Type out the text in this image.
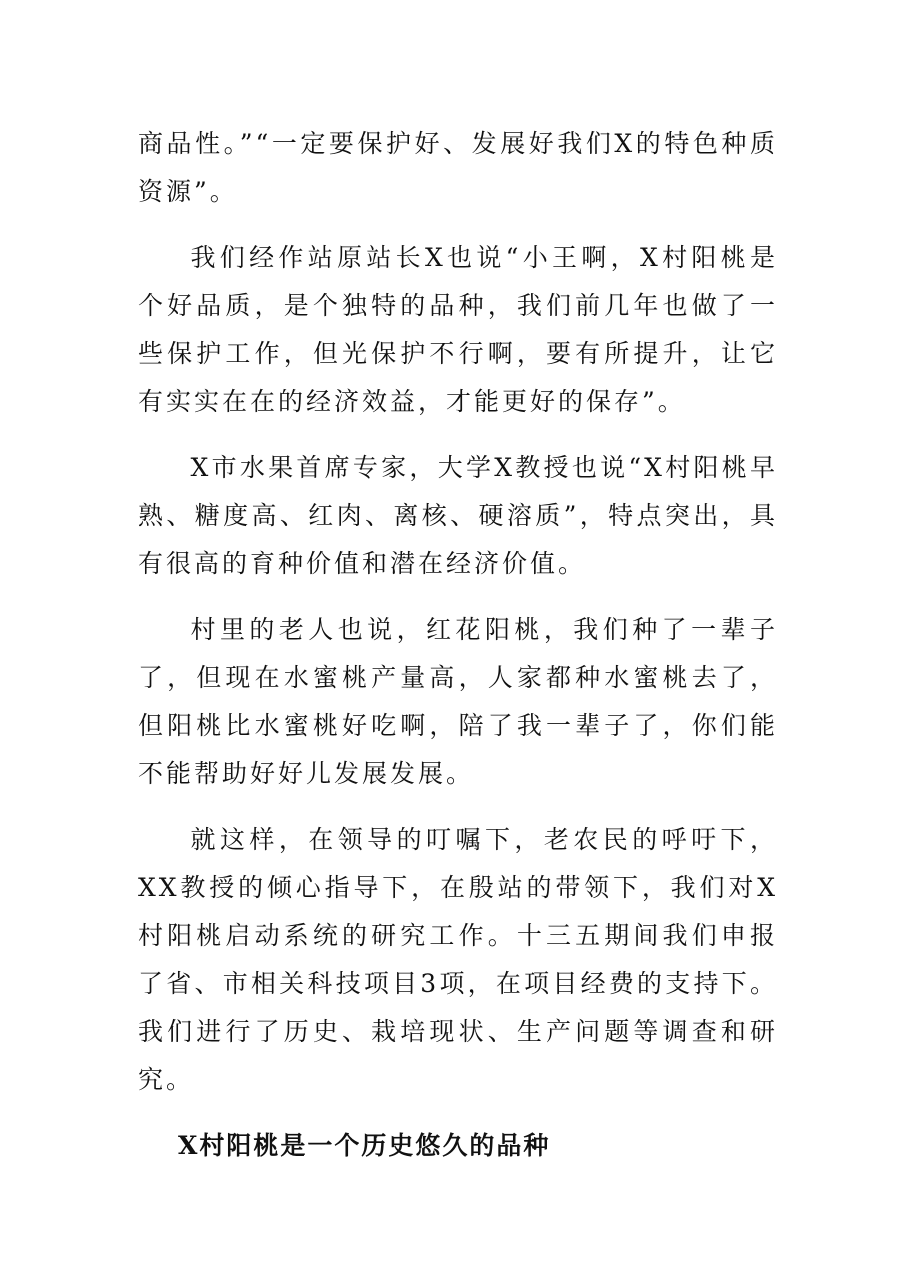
商品性。”“一定要保护好、发展好我们X的特色种质资源”。

我们经作站原站长X也说“小王啊，X村阳桃是个好品质，是个独特的品种，我们前几年也做了一些保护工作，但光保护不行啊，要有所提升，让它有实实在在的经济效益，才能更好的保存”。

X市水果首席专家，大学X教授也说“X村阳桃早熟、糖度高、红肉、离核、硬溶质”，特点突出，具有很高的育种价值和潜在经济价值。

村里的老人也说，红花阳桃，我们种了一辈子了，但现在水蜜桃产量高，人家都种水蜜桃去了，但阳桃比水蜜桃好吃啊，陪了我一辈子了，你们能不能帮助好好儿发展发展。

就这样，在领导的叮嘱下，老农民的呼吁下，XX教授的倾心指导下，在殷站的带领下，我们对X村阳桃启动系统的研究工作。十三五期间我们申报了省、市相关科技项目3项，在项目经费的支持下。我们进行了历史、栽培现状、生产问题等调查和研究。

X村阳桃是一个历史悠久的品种
